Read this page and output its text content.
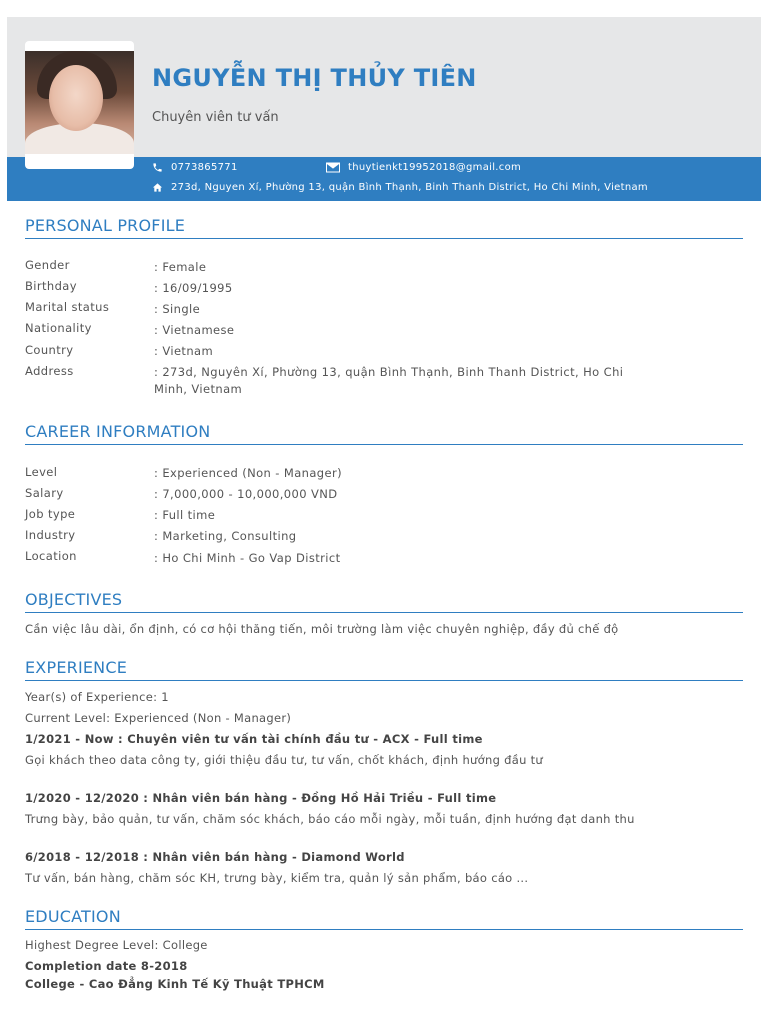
NGUYỄN THỊ THỦY TIÊN
Chuyên viên tư vấn
0773865771	thuytienkt19952018@gmail.com
273d, Nguyen Xí, Phường 13, quận Bình Thạnh, Binh Thanh District, Ho Chi Minh, Vietnam
PERSONAL PROFILE
Gender	: Female
Birthday	: 16/09/1995
Marital status	: Single
Nationality	: Vietnamese
Country	: Vietnam
Address	: 273d, Nguyên Xí, Phường 13, quận Bình Thạnh, Binh Thanh District, Ho Chi Minh, Vietnam
CAREER INFORMATION
Level	: Experienced (Non - Manager)
Salary	: 7,000,000 - 10,000,000 VND
Job type	: Full time
Industry	: Marketing, Consulting
Location	: Ho Chi Minh - Go Vap District
OBJECTIVES
Cần việc lâu dài, ổn định, có cơ hội thăng tiến, môi trường làm việc chuyên nghiệp, đầy đủ chế độ
EXPERIENCE
Year(s) of Experience: 1
Current Level: Experienced (Non - Manager)
1/2021 - Now : Chuyên viên tư vấn tài chính đầu tư - ACX - Full time
Gọi khách theo data công ty, giới thiệu đầu tư, tư vấn, chốt khách, định hướng đầu tư
1/2020 - 12/2020 : Nhân viên bán hàng - Đồng Hồ Hải Triều - Full time
Trưng bày, bảo quản, tư vấn, chăm sóc khách, báo cáo mỗi ngày, mỗi tuần, định hướng đạt danh thu
6/2018 - 12/2018 : Nhân viên bán hàng - Diamond World
Tư vấn, bán hàng, chăm sóc KH, trưng bày, kiểm tra, quản lý sản phẩm, báo cáo ...
EDUCATION
Highest Degree Level: College
Completion date 8-2018
College - Cao Đẳng Kinh Tế Kỹ Thuật TPHCM
